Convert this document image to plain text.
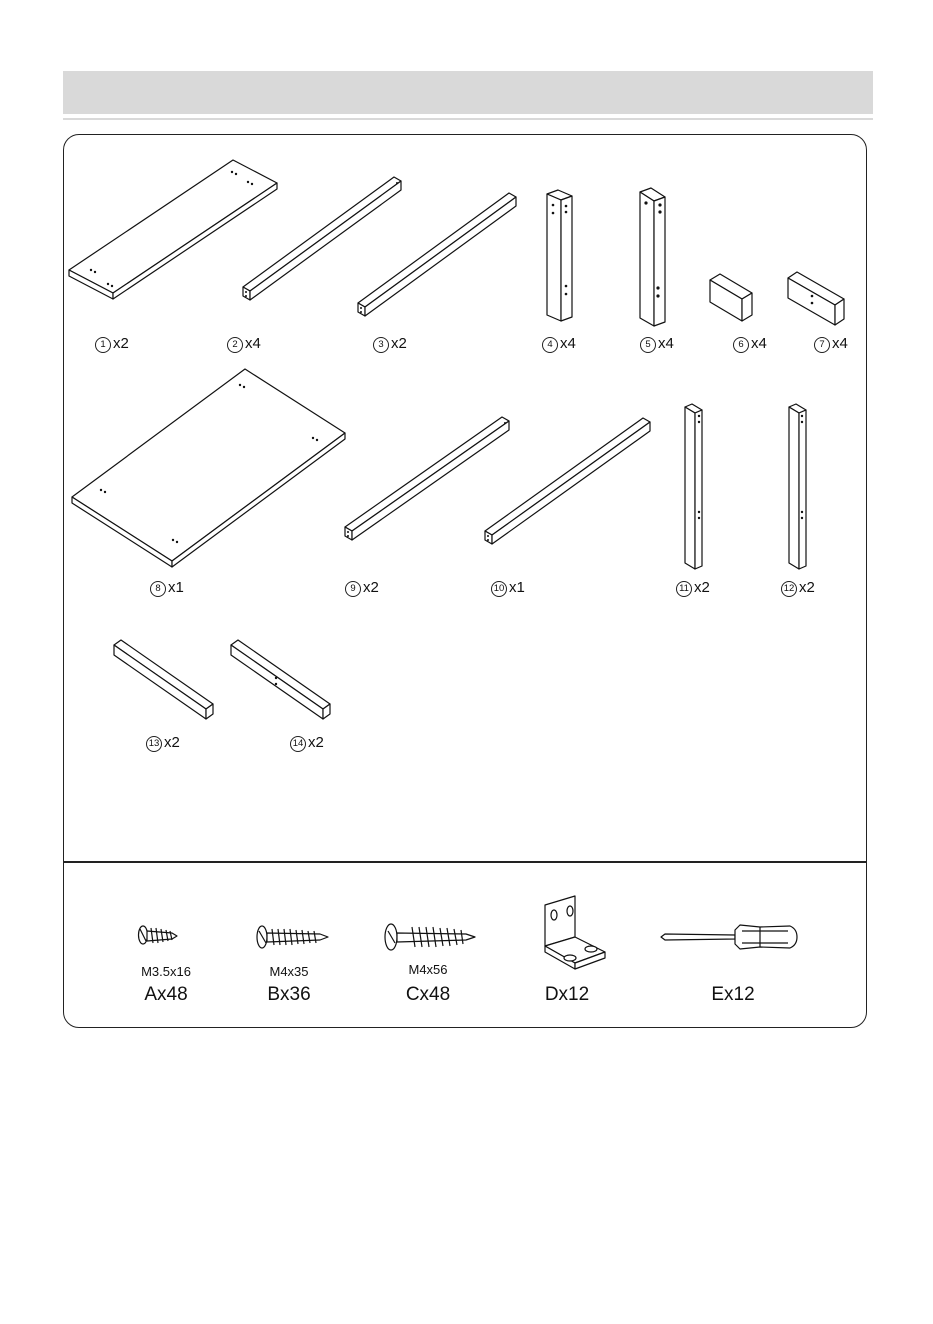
1 x2	2 x4	3 x2	4 x4	5 x4	6 x4	7 x4
8 x1	9 x2	10 x1	11 x2	12 x2
13 x2	14 x2
M3.5x16
Ax48
M4x35
Bx36
M4x56
Cx48	Dx12	Ex12
